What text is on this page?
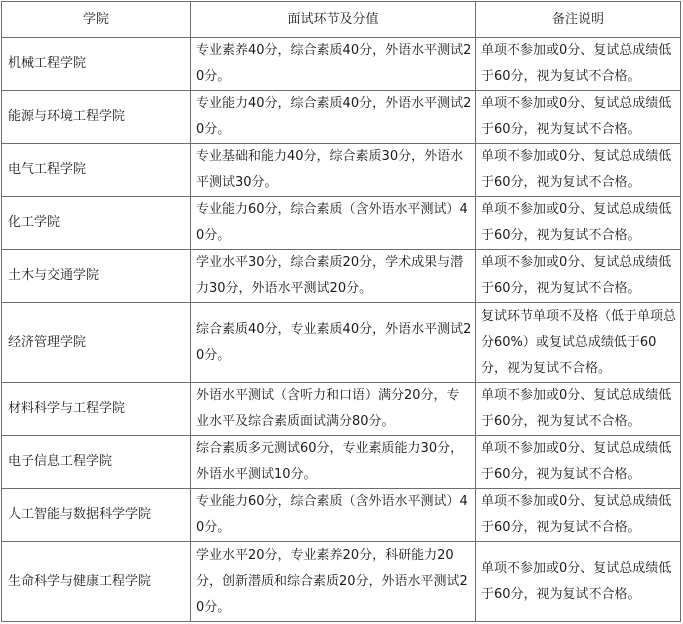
学院	面试环节及分值	备注说明
机械工程学院	专业素养40分，综合素质40分，外语水平测试20分。	单项不参加或0分、复试总成绩低于60分，视为复试不合格。

能源与环境工程学院	专业能力40分，综合素质40分，外语水平测试20分。	单项不参加或0分、复试总成绩低于60分，视为复试不合格。

电气工程学院	专业基础和能力40分，综合素质30分，外语水平测试30分。	单项不参加或0分、复试总成绩低于60分，视为复试不合格。

化工学院	专业能力60分，综合素质（含外语水平测试）40分。	单项不参加或0分、复试总成绩低于60分，视为复试不合格。

土木与交通学院	学业水平30分，综合素质20分，学术成果与潜力30分，外语水平测试20分。	单项不参加或0分、复试总成绩低于60分，视为复试不合格。

经济管理学院	综合素质40分，专业素质40分，外语水平测试20分。	复试环节单项不及格（低于单项总分60%）或复试总成绩低于60分，视为复试不合格。

材料科学与工程学院	外语水平测试（含听力和口语）满分20分，专业水平及综合素质面试满分80分。	单项不参加或0分、复试总成绩低于60分，视为复试不合格。

电子信息工程学院	综合素质多元测试60分，专业素质能力30分，外语水平测试10分。	单项不参加或0分、复试总成绩低于60分，视为复试不合格。

人工智能与数据科学学院	专业能力60分，综合素质（含外语水平测试）40分。	单项不参加或0分、复试总成绩低于60分，视为复试不合格。

生命科学与健康工程学院	学业水平20分，专业素养20分，科研能力20分，创新潜质和综合素质20分，外语水平测试20分。	单项不参加或0分、复试总成绩低于60分，视为复试不合格。
